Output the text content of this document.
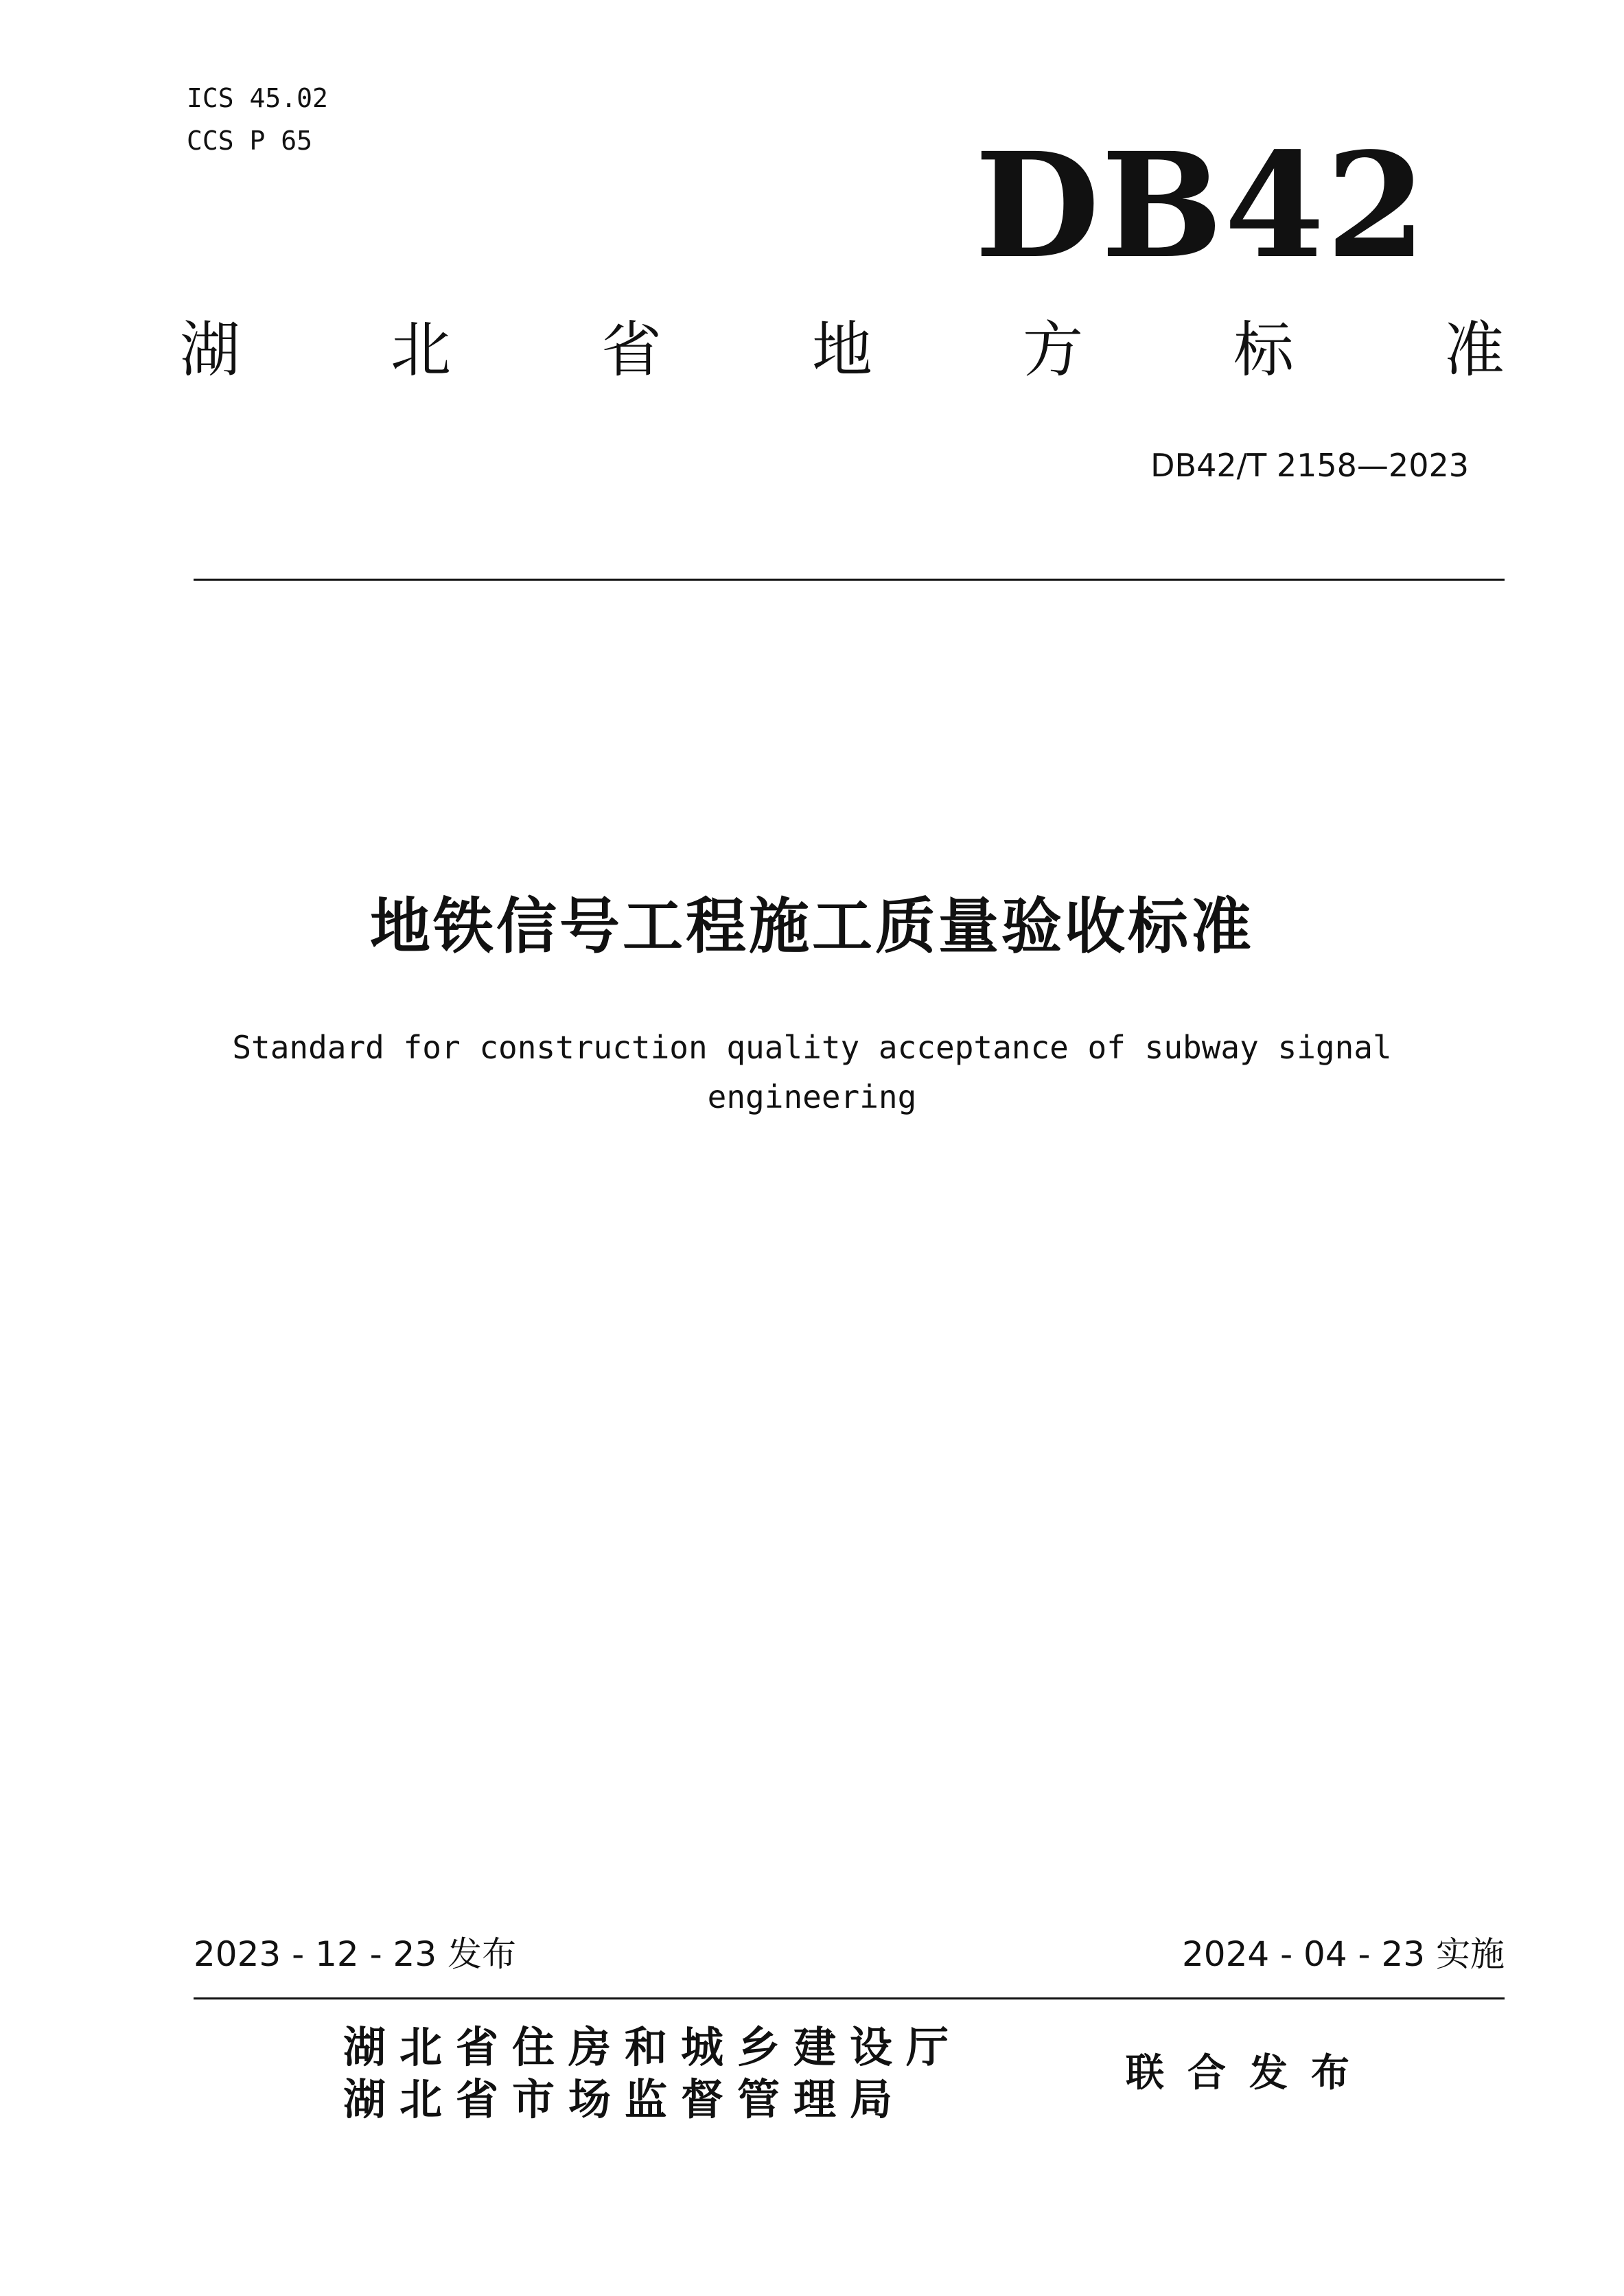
ICS 45.02
CCS P 65	DB42
湖 北 省 地 方 标 准
DB42/T 2158—2023
地铁信号工程施工质量验收标准
Standard for construction quality acceptance of subway signal engineering
2023 - 12 - 23 发布	2024 - 04 - 23 实施
湖北省住房和城乡建设厅
湖北省市场监督管理局
联合发布
